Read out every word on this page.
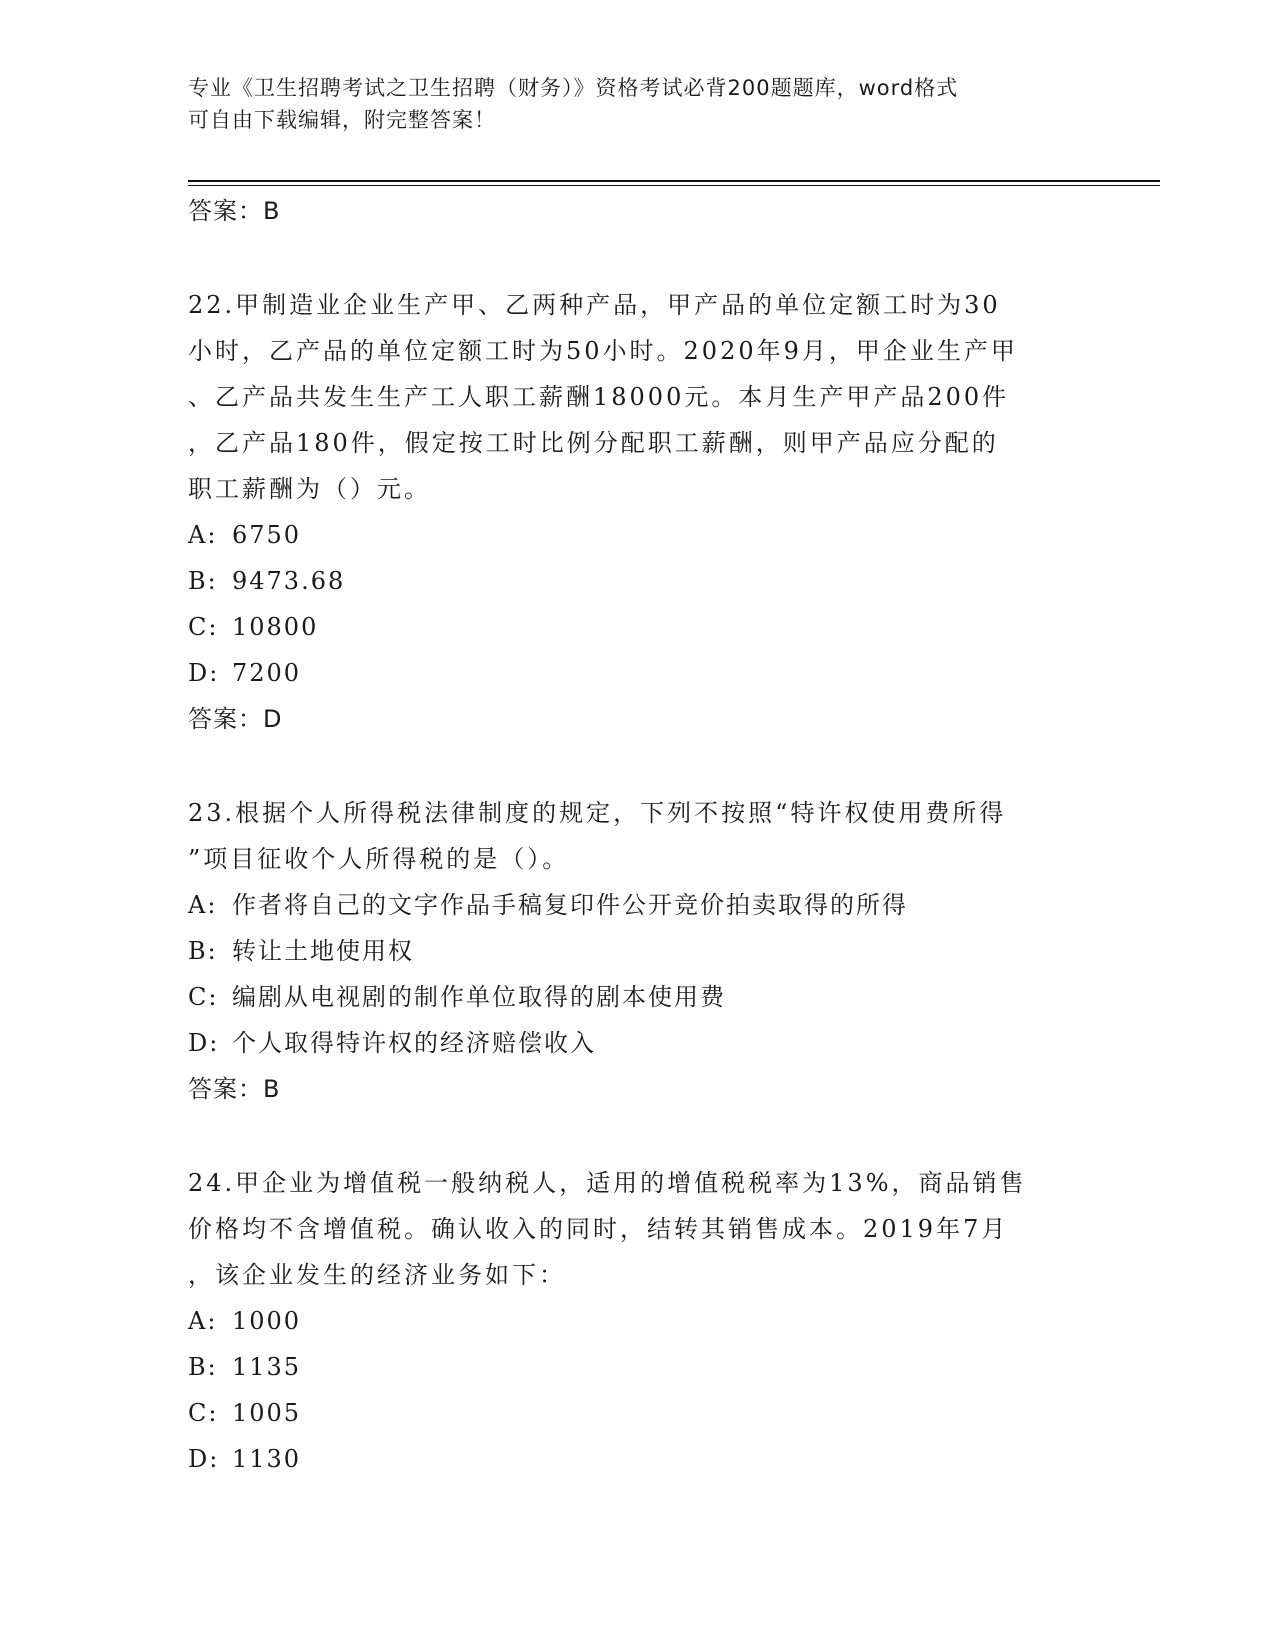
专业《卫生招聘考试之卫生招聘（财务）》资格考试必背200题题库，word格式
可自由下载编辑，附完整答案！
答案：B
22.甲制造业企业生产甲、乙两种产品，甲产品的单位定额工时为30
小时，乙产品的单位定额工时为50小时。2020年9月，甲企业生产甲
、乙产品共发生生产工人职工薪酬18000元。本月生产甲产品200件
，乙产品180件，假定按工时比例分配职工薪酬，则甲产品应分配的
职工薪酬为（）元。
A: 6750
B: 9473.68
C: 10800
D: 7200
答案：D
23.根据个人所得税法律制度的规定，下列不按照“特许权使用费所得
”项目征收个人所得税的是（）。
A: 作者将自己的文字作品手稿复印件公开竞价拍卖取得的所得
B: 转让土地使用权
C: 编剧从电视剧的制作单位取得的剧本使用费
D: 个人取得特许权的经济赔偿收入
答案：B
24.甲企业为增值税一般纳税人，适用的增值税税率为13%，商品销售
价格均不含增值税。确认收入的同时，结转其销售成本。2019年7月
，该企业发生的经济业务如下：
A: 1000
B: 1135
C: 1005
D: 1130
